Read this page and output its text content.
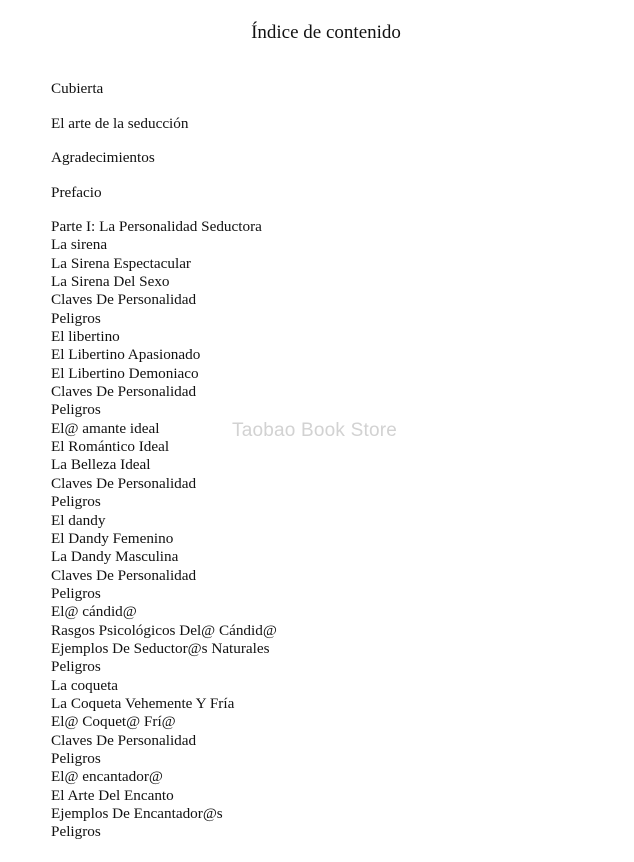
Índice de contenido
Cubierta
El arte de la seducción
Agradecimientos
Prefacio
Parte I: La Personalidad Seductora
La sirena
La Sirena Espectacular
La Sirena Del Sexo
Claves De Personalidad
Peligros
El libertino
El Libertino Apasionado
El Libertino Demoniaco
Claves De Personalidad
Peligros
El@ amante ideal
El Romántico Ideal
La Belleza Ideal
Claves De Personalidad
Peligros
El dandy
El Dandy Femenino
La Dandy Masculina
Claves De Personalidad
Peligros
El@ cándid@
Rasgos Psicológicos Del@ Cándid@
Ejemplos De Seductor@s Naturales
Peligros
La coqueta
La Coqueta Vehemente Y Fría
El@ Coquet@ Frí@
Claves De Personalidad
Peligros
El@ encantador@
El Arte Del Encanto
Ejemplos De Encantador@s
Peligros
Taobao Book Store
